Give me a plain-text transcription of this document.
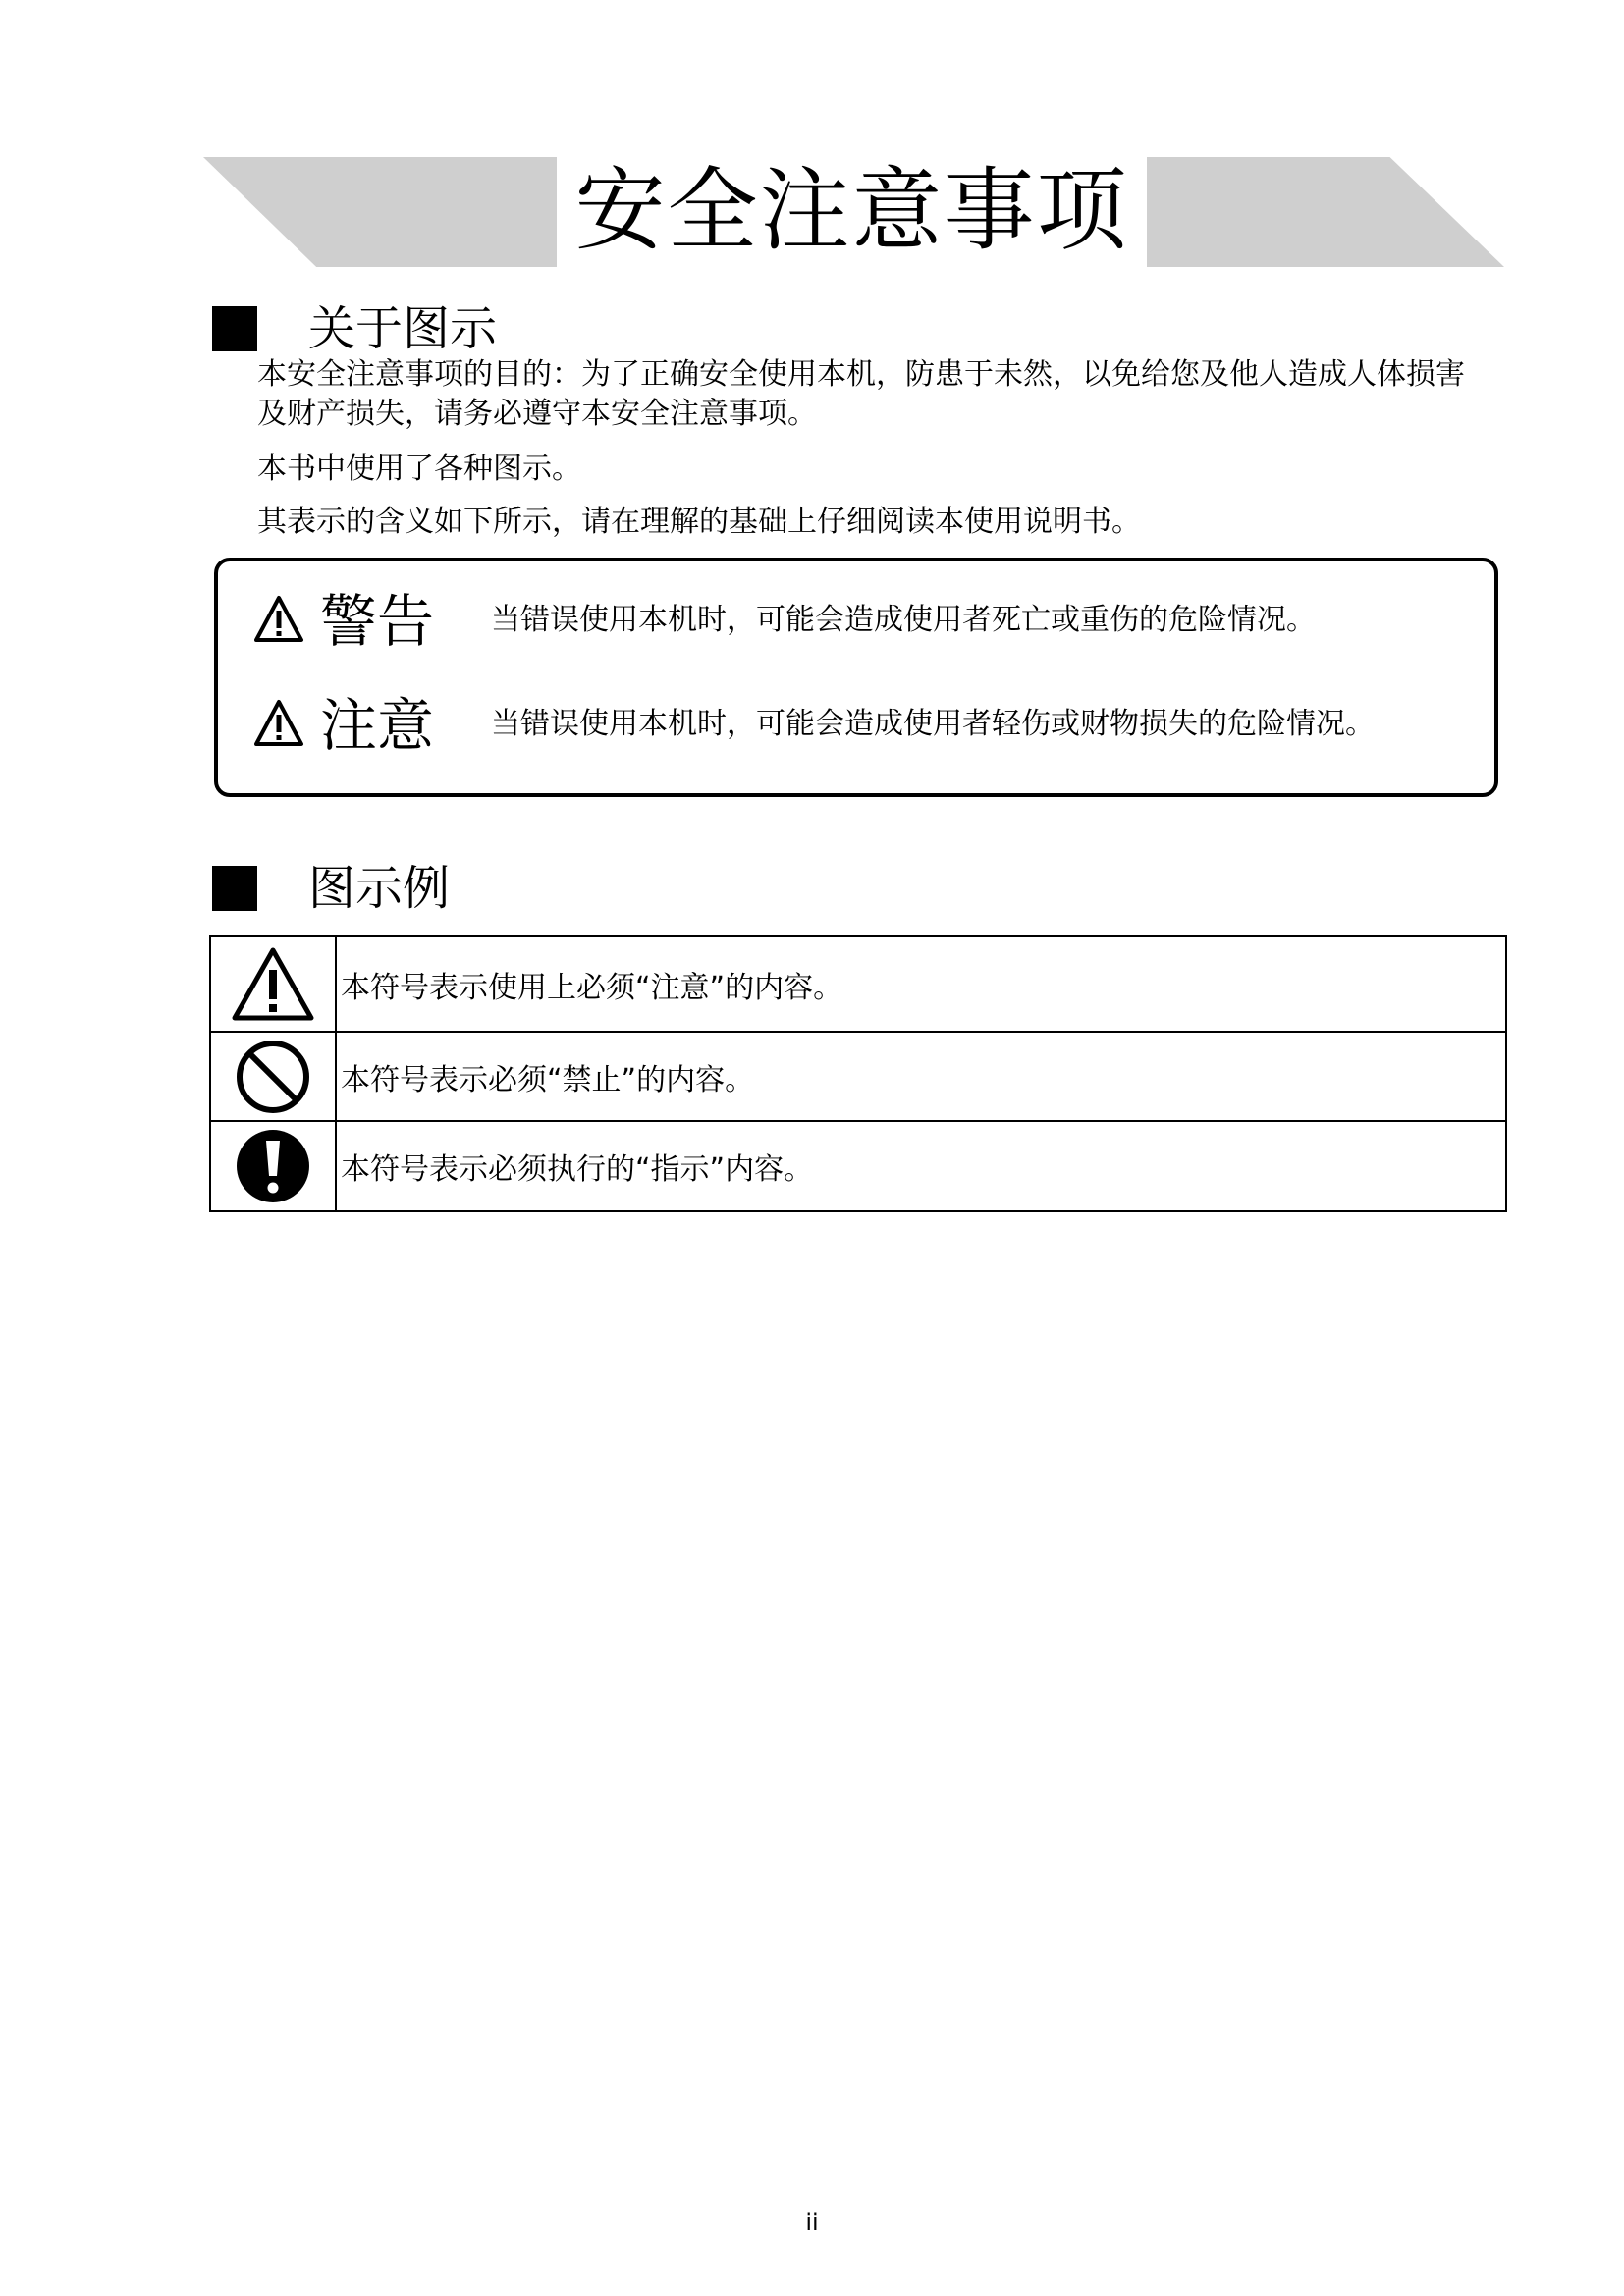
安全注意事项
关于图示

本安全注意事项的目的：为了正确安全使用本机，防患于未然，以免给您及他人造成人体损害及财产损失，请务必遵守本安全注意事项。

本书中使用了各种图示。

其表示的含义如下所示，请在理解的基础上仔细阅读本使用说明书。

警告 当错误使用本机时，可能会造成使用者死亡或重伤的危险情况。
注意 当错误使用本机时，可能会造成使用者轻伤或财物损失的危险情况。
图示例
	本符号表示使用上必须“注意”的内容。

	本符号表示必须“禁止”的内容。

	本符号表示必须执行的“指示”内容。
ii
